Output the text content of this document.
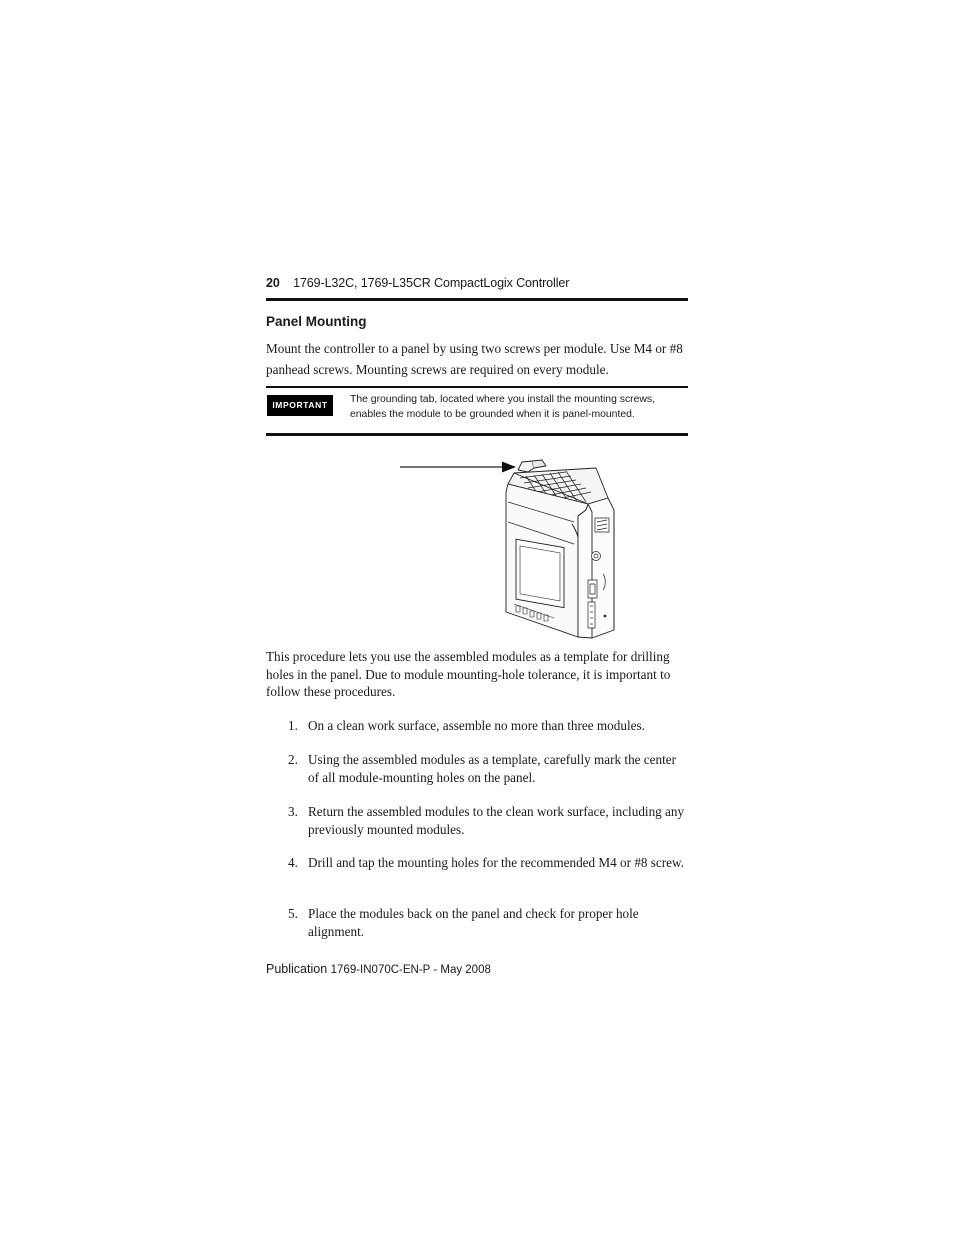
20 1769-L32C, 1769-L35CR CompactLogix Controller
Panel Mounting
Mount the controller to a panel by using two screws per module. Use M4 or #8 panhead screws. Mounting screws are required on every module.
IMPORTANT	The grounding tab, located where you install the mounting screws, enables the module to be grounded when it is panel-mounted.
This procedure lets you use the assembled modules as a template for drilling holes in the panel. Due to module mounting-hole tolerance, it is important to follow these procedures.
1. On a clean work surface, assemble no more than three modules.
2. Using the assembled modules as a template, carefully mark the center of all module-mounting holes on the panel.
3. Return the assembled modules to the clean work surface, including any previously mounted modules.
4. Drill and tap the mounting holes for the recommended M4 or #8 screw.
5. Place the modules back on the panel and check for proper hole alignment.
Publication 1769-IN070C-EN-P - May 2008
